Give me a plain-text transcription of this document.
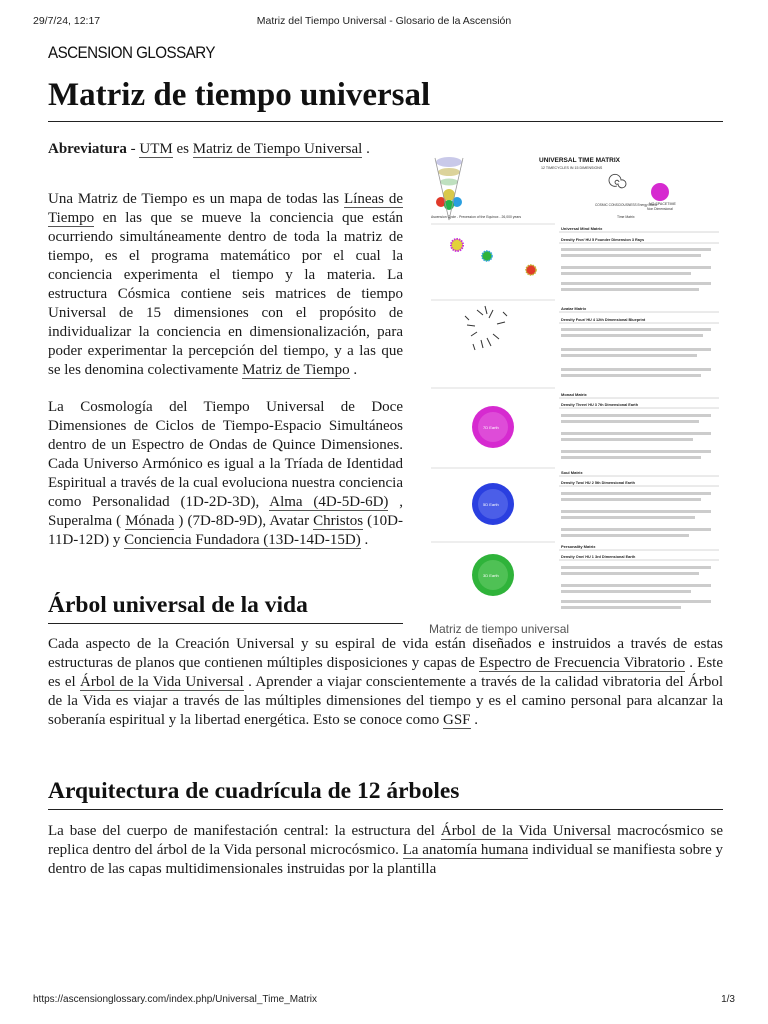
29/7/24, 12:17	Matriz del Tiempo Universal - Glosario de la Ascensión
ASCENSION GLOSSARY
Matriz de tiempo universal

Abreviatura - UTM es Matriz de Tiempo Universal .

Una Matriz de Tiempo es un mapa de todas las Líneas de Tiempo en las que se mueve la conciencia que están ocurriendo simultáneamente dentro de toda la matriz de tiempo, es el programa matemático por el cual la conciencia experimenta el tiempo y la materia. La estructura Cósmica contiene seis matrices de tiempo Universal de 15 dimensiones con el propósito de individualizar la conciencia en dimensionalización, para poder experimentar la percepción del tiempo, y a las que se les denomina colectivamente Matriz de Tiempo .

La Cosmología del Tiempo Universal de Doce Dimensiones de Ciclos de Tiempo-Espacio Simultáneos dentro de un Espectro de Ondas de Quince Dimensiones. Cada Universo Armónico es igual a la Tríada de Identidad Espiritual a través de la cual evoluciona nuestra conciencia como Personalidad (1D-2D-3D), Alma (4D-5D-6D) , Superalma ( Mónada ) (7D-8D-9D), Avatar Christos (10D-11D-12D) y Conciencia Fundadora (13D-14D-15D) .

Árbol universal de la vida

Cada aspecto de la Creación Universal y su espiral de vida están diseñados e instruidos a través de estas estructuras de planos que contienen múltiples disposiciones y capas de Espectro de Frecuencia Vibratorio . Este es el Árbol de la Vida Universal . Aprender a viajar conscientemente a través de la calidad vibratoria del Árbol de la Vida es viajar a través de las múltiples dimensiones del tiempo y es el camino personal para alcanzar la soberanía espiritual y la libertad energética. Esto se conoce como GSF .

Arquitectura de cuadrícula de 12 árboles

La base del cuerpo de manifestación central: la estructura del Árbol de la Vida Universal macrocósmico se replica dentro del árbol de la Vida personal microcósmico. La anatomía humana individual se manifiesta sobre y dentro de las capas multidimensionales instruidas por la plantilla

UNIVERSAL TIME MATRIX
12 TIMECYCLES IN 15 DIMENSIONS
NO SPACETIME
Non Dimensional
COSMIC CONSCIOUSNESS Energy Matrix
Time Matrix
Ascension Cycle - Precession of the Equinox - 26,000 years
7D Earth
5D Earth
3D Earth
Universal Mind Matrix
Density Five/ HU 5 Founder Dimension 3 Rays
Avatar Matrix
Density Four/ HU 4 12th Dimensional Blueprint
Monad Matrix
Density Three/ HU 3 7th Dimensional Earth
Soul Matrix
Density Two/ HU 2 5th Dimensional Earth
Personality Matrix
Density One/ HU 1 3rd Dimensional Earth
Matriz de tiempo universal
https://ascensionglossary.com/index.php/Universal_Time_Matrix	1/3
